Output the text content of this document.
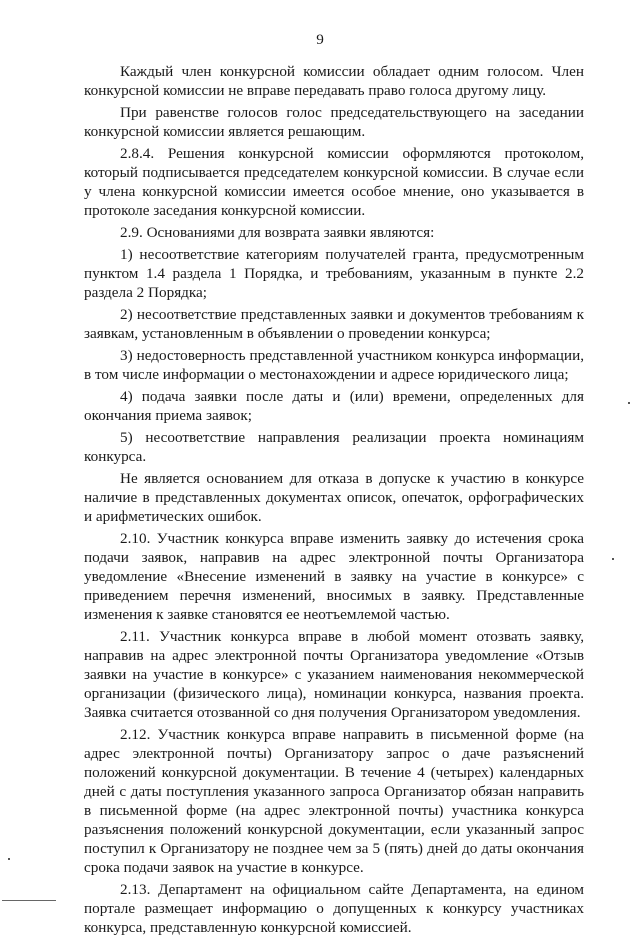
9

Каждый член конкурсной комиссии обладает одним голосом. Член конкурсной комиссии не вправе передавать право голоса другому лицу.

При равенстве голосов голос председательствующего на заседании конкурсной комиссии является решающим.

2.8.4. Решения конкурсной комиссии оформляются протоколом, который подписывается председателем конкурсной комиссии. В случае если у члена конкурсной комиссии имеется особое мнение, оно указывается в протоколе заседания конкурсной комиссии.

2.9. Основаниями для возврата заявки являются:

1) несоответствие категориям получателей гранта, предусмотренным пунктом 1.4 раздела 1 Порядка, и требованиям, указанным в пункте 2.2 раздела 2 Порядка;

2) несоответствие представленных заявки и документов требованиям к заявкам, установленным в объявлении о проведении конкурса;

3) недостоверность представленной участником конкурса информации, в том числе информации о местонахождении и адресе юридического лица;

4) подача заявки после даты и (или) времени, определенных для окончания приема заявок;

5) несоответствие направления реализации проекта номинациям конкурса.

Не является основанием для отказа в допуске к участию в конкурсе наличие в представленных документах описок, опечаток, орфографических и арифметических ошибок.

2.10. Участник конкурса вправе изменить заявку до истечения срока подачи заявок, направив на адрес электронной почты Организатора уведомление «Внесение изменений в заявку на участие в конкурсе» с приведением перечня изменений, вносимых в заявку. Представленные изменения к заявке становятся ее неотъемлемой частью.

2.11. Участник конкурса вправе в любой момент отозвать заявку, направив на адрес электронной почты Организатора уведомление «Отзыв заявки на участие в конкурсе» с указанием наименования некоммерческой организации (физического лица), номинации конкурса, названия проекта. Заявка считается отозванной со дня получения Организатором уведомления.

2.12. Участник конкурса вправе направить в письменной форме (на адрес электронной почты) Организатору запрос о даче разъяснений положений конкурсной документации. В течение 4 (четырех) календарных дней с даты поступления указанного запроса Организатор обязан направить в письменной форме (на адрес электронной почты) участника конкурса разъяснения положений конкурсной документации, если указанный запрос поступил к Организатору не позднее чем за 5 (пять) дней до даты окончания срока подачи заявок на участие в конкурсе.

2.13. Департамент на официальном сайте Департамента, на едином портале размещает информацию о допущенных к конкурсу участниках конкурса, представленную конкурсной комиссией.
